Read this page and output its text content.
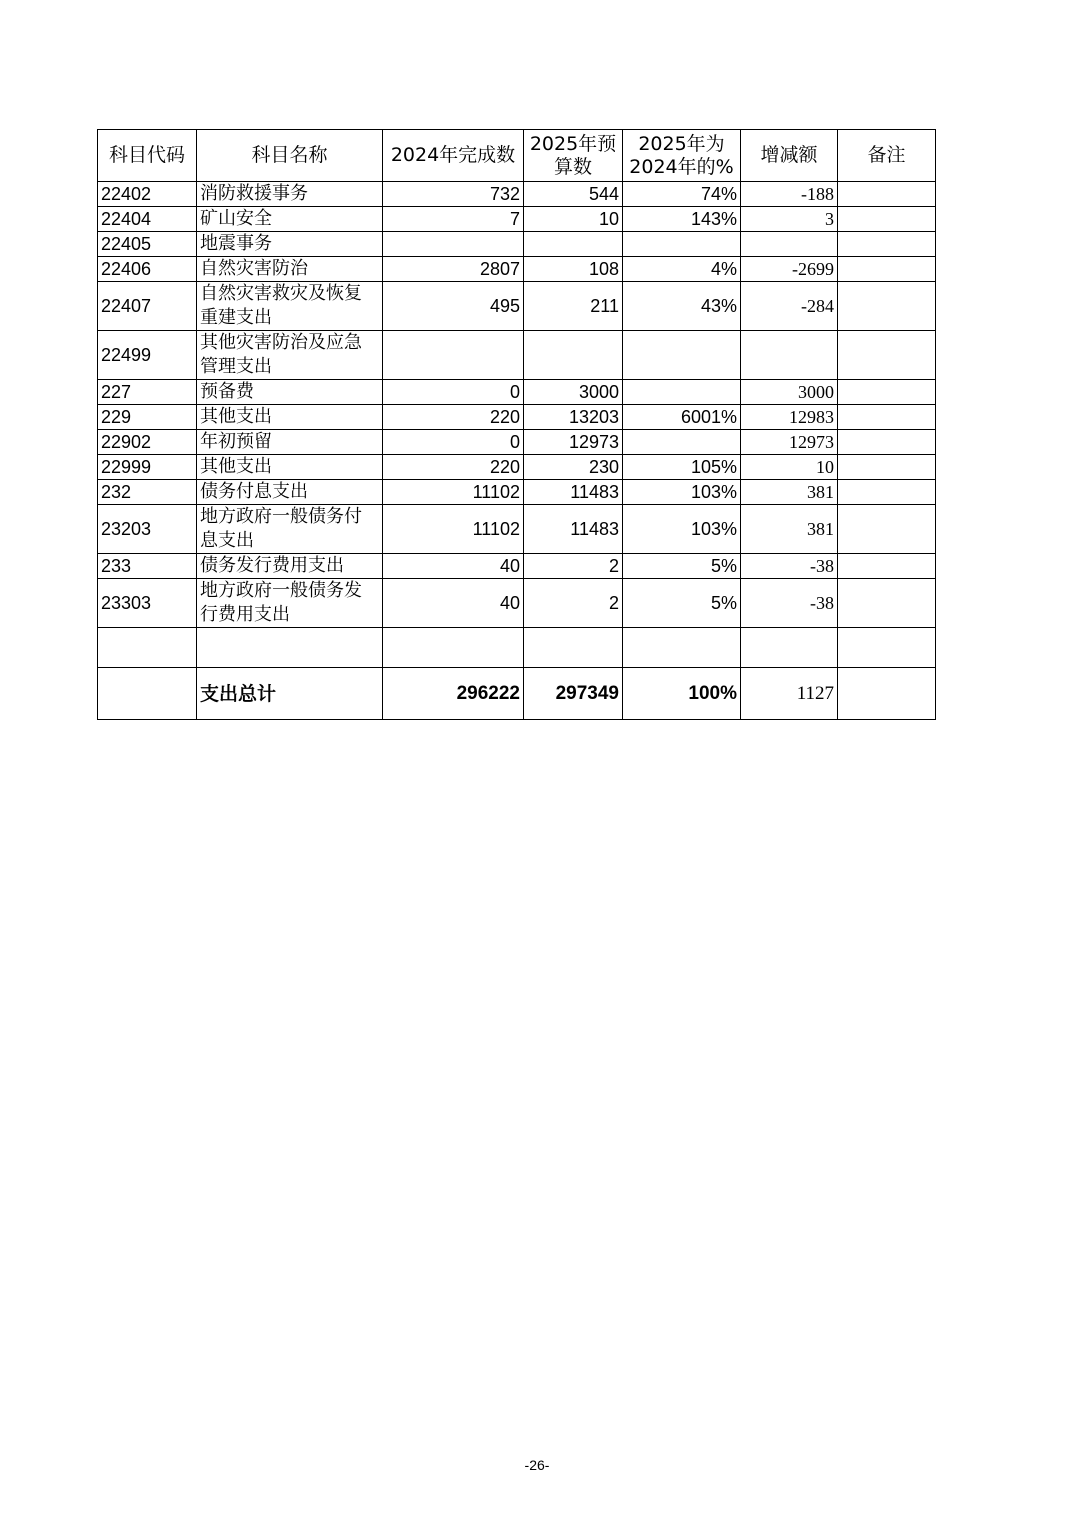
科目代码	科目名称	2024年完成数	2025年预算数	2025年为2024年的%	增减额	备注
22402	消防救援事务	732	544	74%	-188	
22404	矿山安全	7	10	143%	3	
22405	地震事务					
22406	自然灾害防治	2807	108	4%	-2699	
22407	自然灾害救灾及恢复重建支出	495	211	43%	-284	
22499	其他灾害防治及应急管理支出					
227	预备费	0	3000		3000	
229	其他支出	220	13203	6001%	12983	
22902	年初预留	0	12973		12973	
22999	其他支出	220	230	105%	10	
232	债务付息支出	11102	11483	103%	381	
23203	地方政府一般债务付息支出	11102	11483	103%	381	
233	债务发行费用支出	40	2	5%	-38	
23303	地方政府一般债务发行费用支出	40	2	5%	-38	

	支出总计	296222	297349	100%	1127	
-26-
